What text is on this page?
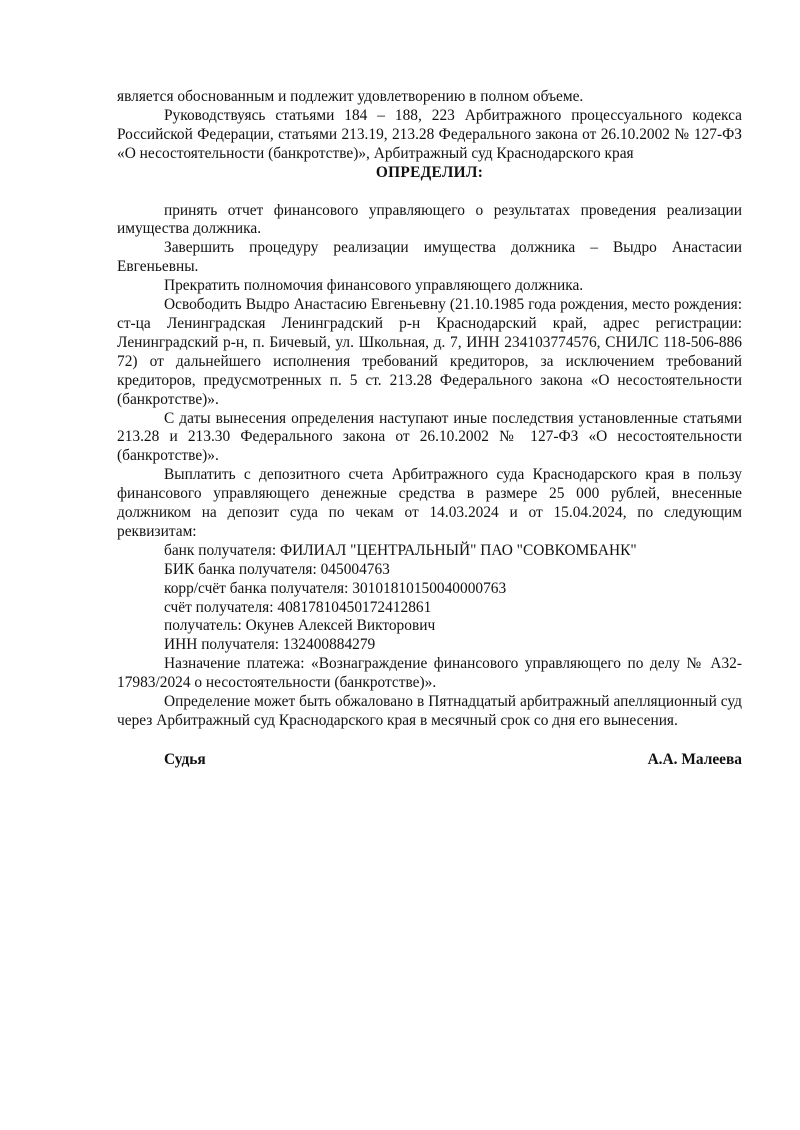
является обоснованным и подлежит удовлетворению в полном объеме.

Руководствуясь статьями 184 – 188, 223 Арбитражного процессуального кодекса Российской Федерации, статьями 213.19, 213.28 Федерального закона от 26.10.2002 № 127-ФЗ «О несостоятельности (банкротстве)», Арбитражный суд Краснодарского края

ОПРЕДЕЛИЛ:

принять отчет финансового управляющего о результатах проведения реализации имущества должника.

Завершить процедуру реализации имущества должника – Выдро Анастасии Евгеньевны.

Прекратить полномочия финансового управляющего должника.

Освободить Выдро Анастасию Евгеньевну (21.10.1985 года рождения, место рождения: ст-ца Ленинградская Ленинградский р-н Краснодарский край, адрес регистрации: Ленинградский р-н, п. Бичевый, ул. Школьная, д. 7, ИНН 234103774576, СНИЛС 118-506-886 72) от дальнейшего исполнения требований кредиторов, за исключением требований кредиторов, предусмотренных п. 5 ст. 213.28 Федерального закона «О несостоятельности (банкротстве)».

С даты вынесения определения наступают иные последствия установленные статьями 213.28 и 213.30 Федерального закона от 26.10.2002 № 127-ФЗ «О несостоятельности (банкротстве)».

Выплатить с депозитного счета Арбитражного суда Краснодарского края в пользу финансового управляющего денежные средства в размере 25 000 рублей, внесенные должником на депозит суда по чекам от 14.03.2024 и от 15.04.2024, по следующим реквизитам:

банк получателя: ФИЛИАЛ "ЦЕНТРАЛЬНЫЙ" ПАО "СОВКОМБАНК"

БИК банка получателя: 045004763

корр/счёт банка получателя: 30101810150040000763

счёт получателя: 40817810450172412861

получатель: Окунев Алексей Викторович

ИНН получателя: 132400884279

Назначение платежа: «Вознаграждение финансового управляющего по делу № А32-17983/2024 о несостоятельности (банкротстве)».

Определение может быть обжаловано в Пятнадцатый арбитражный апелляционный суд через Арбитражный суд Краснодарского края в месячный срок со дня его вынесения.

Судья	А.А. Малеева
